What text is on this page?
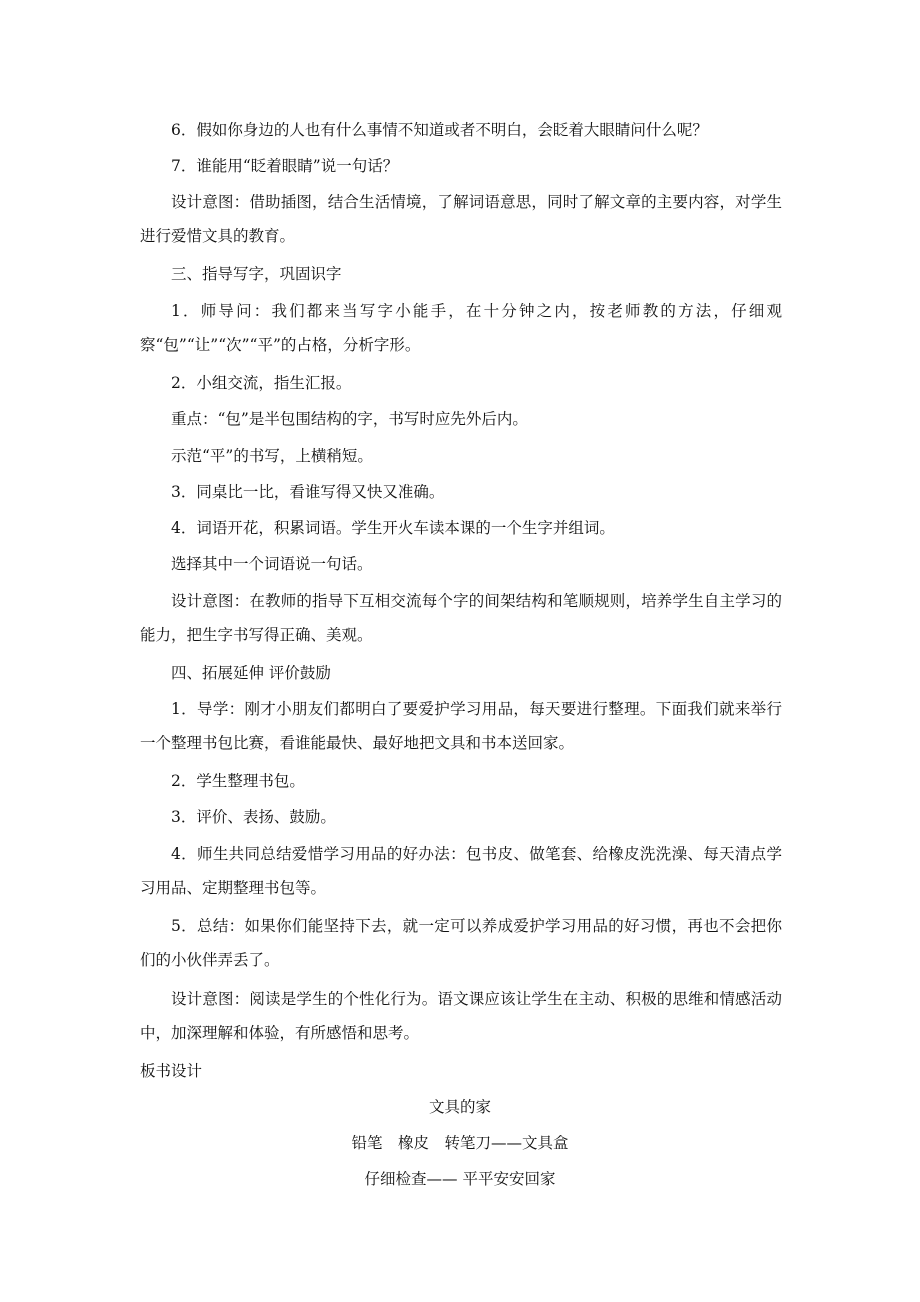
6．假如你身边的人也有什么事情不知道或者不明白，会眨着大眼睛问什么呢？

7．谁能用“眨着眼睛”说一句话？

设计意图：借助插图，结合生活情境，了解词语意思，同时了解文章的主要内容，对学生进行爱惜文具的教育。

三、指导写字，巩固识字

1．师导问：我们都来当写字小能手，在十分钟之内，按老师教的方法，仔细观察“包”“让”“次”“平”的占格，分析字形。

2．小组交流，指生汇报。

重点：“包”是半包围结构的字，书写时应先外后内。

示范“平”的书写，上横稍短。

3．同桌比一比，看谁写得又快又准确。

4．词语开花，积累词语。学生开火车读本课的一个生字并组词。

选择其中一个词语说一句话。

设计意图：在教师的指导下互相交流每个字的间架结构和笔顺规则，培养学生自主学习的能力，把生字书写得正确、美观。

四、拓展延伸 评价鼓励

1．导学：刚才小朋友们都明白了要爱护学习用品，每天要进行整理。下面我们就来举行一个整理书包比赛，看谁能最快、最好地把文具和书本送回家。

2．学生整理书包。

3．评价、表扬、鼓励。

4．师生共同总结爱惜学习用品的好办法：包书皮、做笔套、给橡皮洗洗澡、每天清点学习用品、定期整理书包等。

5．总结：如果你们能坚持下去，就一定可以养成爱护学习用品的好习惯，再也不会把你们的小伙伴弄丢了。

设计意图：阅读是学生的个性化行为。语文课应该让学生在主动、积极的思维和情感活动中，加深理解和体验，有所感悟和思考。

板书设计

文具的家

铅笔　橡皮　转笔刀——文具盒

仔细检查—— 平平安安回家
